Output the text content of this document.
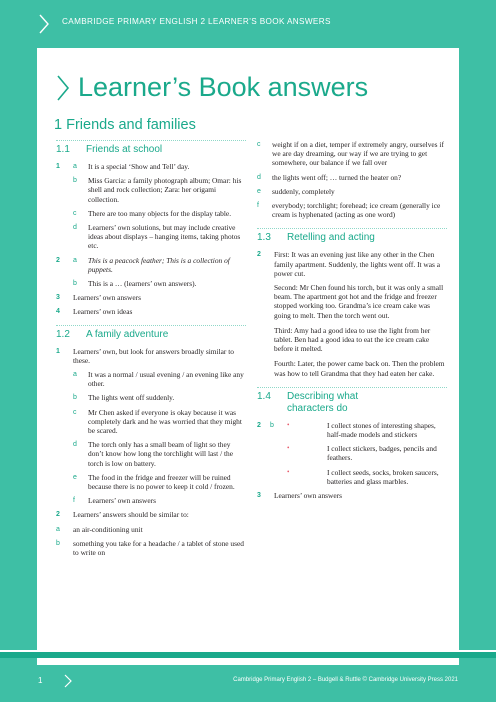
CAMBRIDGE PRIMARY ENGLISH 2 LEARNER’S BOOK ANSWERS
1	Cambridge Primary English 2 – Budgell & Ruttle © Cambridge University Press 2021
Learner’s Book answers
1 Friends and families
1.1 Friends at school
1 a It is a special ‘Show and Tell’ day.
b Miss Garcia: a family photograph album; Omar: his shell and rock collection; Zara: her origami collection.
c There are too many objects for the display table.
d Learners’ own solutions, but may include creative ideas about displays – hanging items, taking photos etc.
2 a This is a peacock feather; This is a collection of puppets.
b This is a … (learners’ own answers).
3 Learners’ own answers
4 Learners’ own ideas
1.2 A family adventure
1 Learners’ own, but look for answers broadly similar to these.
a It was a normal / usual evening / an evening like any other.
b The lights went off suddenly.
c Mr Chen asked if everyone is okay because it was completely dark and he was worried that they might be scared.
d The torch only has a small beam of light so they don’t know how long the torchlight will last / the torch is low on battery.
e The food in the fridge and freezer will be ruined because there is no power to keep it cold / frozen.
f Learners’ own answers
2 Learners’ answers should be similar to:
a an air-conditioning unit
b something you take for a headache / a tablet of stone used to write on
c weight if on a diet, temper if extremely angry, ourselves if we are day dreaming, our way if we are trying to get somewhere, our balance if we fall over
d the lights went off; … turned the heater on?
e suddenly, completely
f everybody; torchlight; forehead; ice cream (generally ice cream is hyphenated (acting as one word)
1.3 Retelling and acting
2 First: It was an evening just like any other in the Chen family apartment. Suddenly, the lights went off. It was a power cut.
Second: Mr Chen found his torch, but it was only a small beam. The apartment got hot and the fridge and freezer stopped working too. Grandma’s ice cream cake was going to melt. Then the torch went out.
Third: Amy had a good idea to use the light from her tablet. Ben had a good idea to eat the ice cream cake before it melted.
Fourth: Later, the power came back on. Then the problem was how to tell Grandma that they had eaten her cake.
1.4 Describing what
characters do
2 b •	I collect stones of interesting shapes, half-made models and stickers
•	I collect stickers, badges, pencils and feathers.
•	I collect seeds, socks, broken saucers, batteries and glass marbles.
3 Learners’ own answers
